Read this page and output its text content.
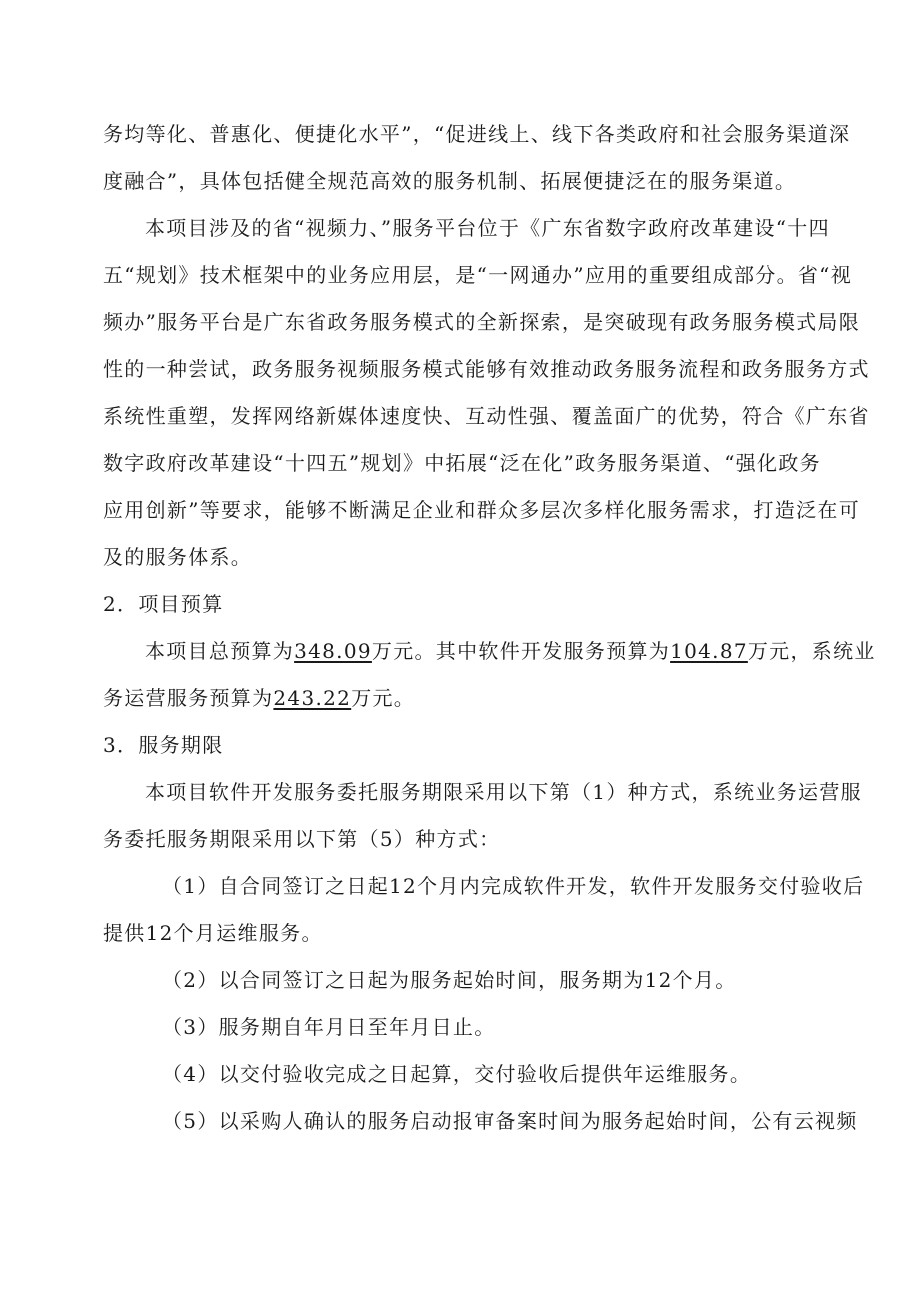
务均等化、普惠化、便捷化水平”，“促进线上、线下各类政府和社会服务渠道深
度融合”，具体包括健全规范高效的服务机制、拓展便捷泛在的服务渠道。
本项目涉及的省“视频力、”服务平台位于《广东省数字政府改革建设“十四
五“规划》技术框架中的业务应用层，是“一网通办”应用的重要组成部分。省“视
频办”服务平台是广东省政务服务模式的全新探索，是突破现有政务服务模式局限
性的一种尝试，政务服务视频服务模式能够有效推动政务服务流程和政务服务方式
系统性重塑，发挥网络新媒体速度快、互动性强、覆盖面广的优势，符合《广东省
数字政府改革建设“十四五”规划》中拓展“泛在化”政务服务渠道、“强化政务
应用创新”等要求，能够不断满足企业和群众多层次多样化服务需求，打造泛在可
及的服务体系。
2．项目预算
本项目总预算为348.09万元。其中软件开发服务预算为104.87万元，系统业
务运营服务预算为243.22万元。
3．服务期限
本项目软件开发服务委托服务期限采用以下第（1）种方式，系统业务运营服
务委托服务期限采用以下第（5）种方式：
（1）自合同签订之日起12个月内完成软件开发，软件开发服务交付验收后
提供12个月运维服务。
（2）以合同签订之日起为服务起始时间，服务期为12个月。
（3）服务期自年月日至年月日止。
（4）以交付验收完成之日起算，交付验收后提供年运维服务。
（5）以采购人确认的服务启动报审备案时间为服务起始时间，公有云视频
